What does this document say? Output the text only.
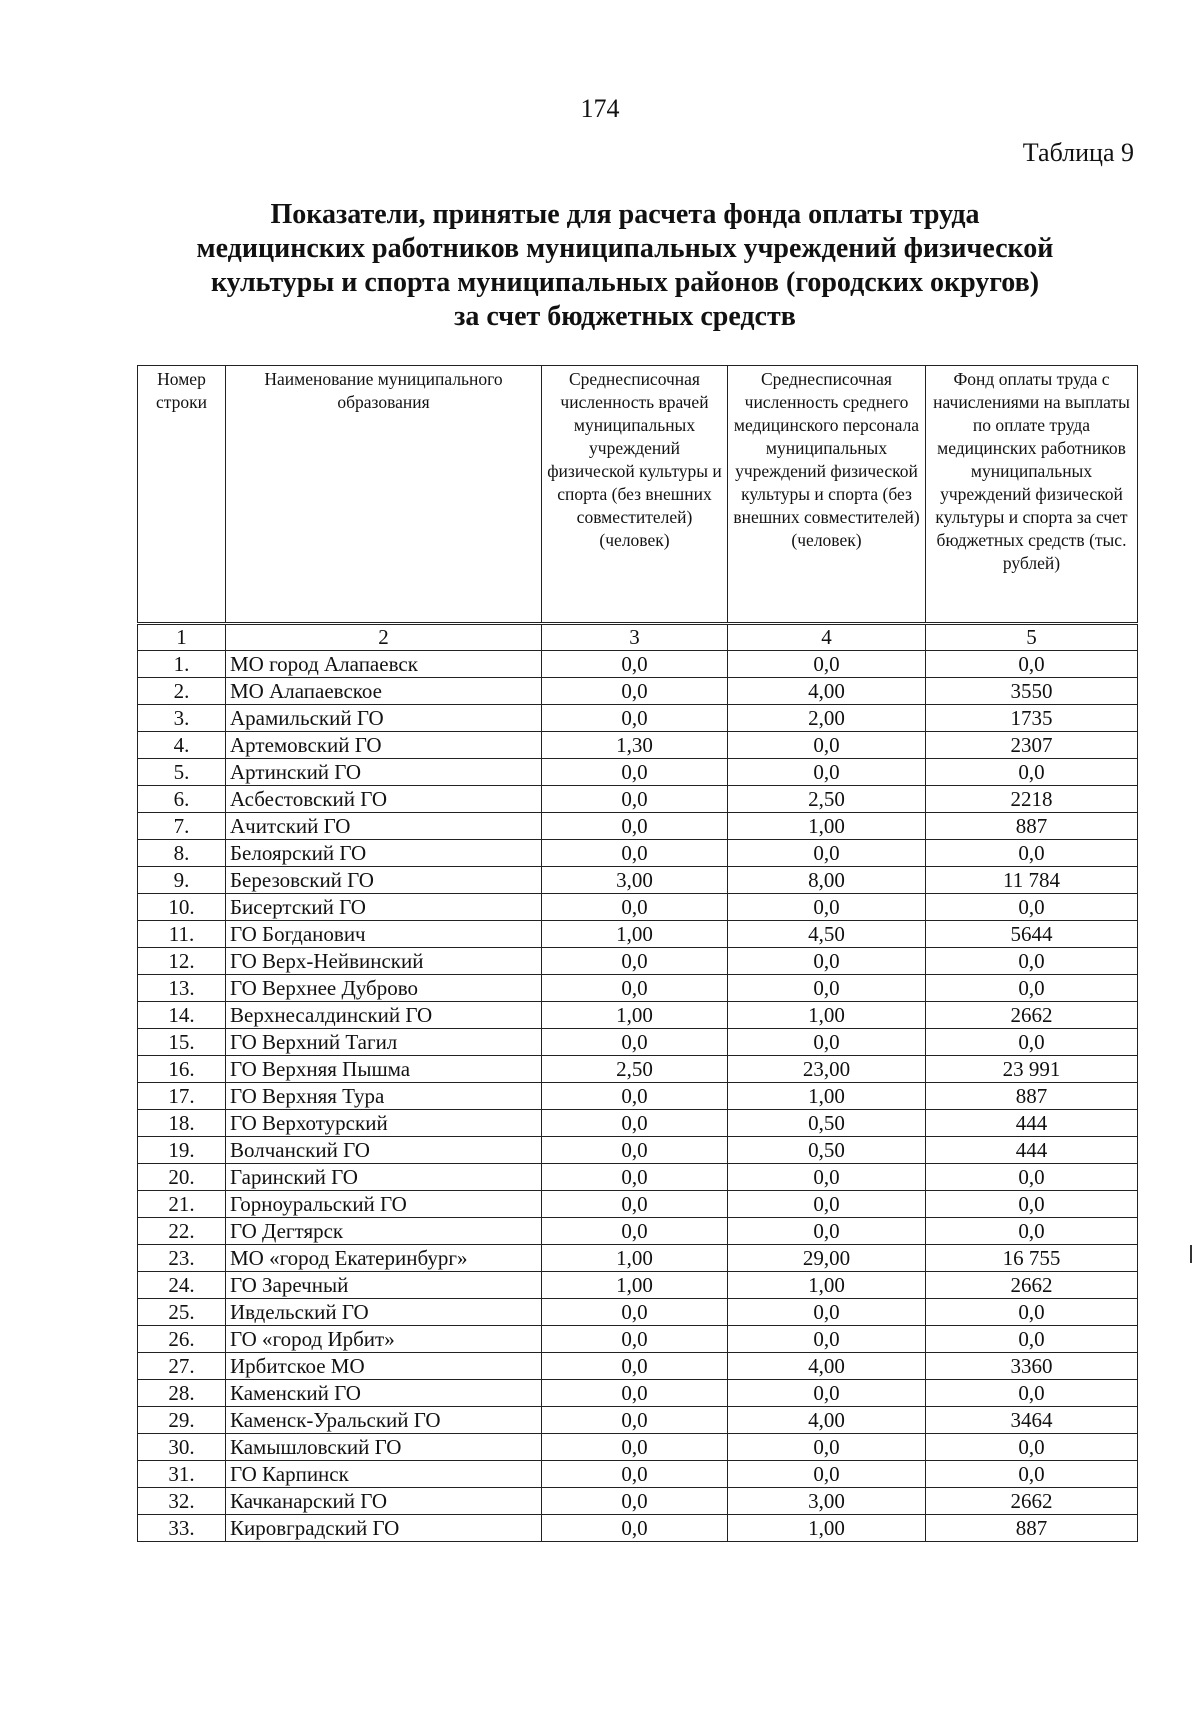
174
Таблица 9
Показатели, принятые для расчета фонда оплаты труда
медицинских работников муниципальных учреждений физической
культуры и спорта муниципальных районов (городских округов)
за счет бюджетных средств
Номер строки	Наименование муниципального образования	Среднесписочная численность врачей муниципальных учреждений физической культуры и спорта (без внешних совместителей) (человек)	Среднесписочная численность среднего медицинского персонала муниципальных учреждений физической культуры и спорта (без внешних совместителей) (человек)	Фонд оплаты труда с начислениями на выплаты по оплате труда медицинских работников муниципальных учреждений физической культуры и спорта за счет бюджетных средств (тыс. рублей)
1	2	3	4	5
1.	МО город Алапаевск	0,0	0,0	0,0
2.	МО Алапаевское	0,0	4,00	3550
3.	Арамильский ГО	0,0	2,00	1735
4.	Артемовский ГО	1,30	0,0	2307
5.	Артинский ГО	0,0	0,0	0,0
6.	Асбестовский ГО	0,0	2,50	2218
7.	Ачитский ГО	0,0	1,00	887
8.	Белоярский ГО	0,0	0,0	0,0
9.	Березовский ГО	3,00	8,00	11 784
10.	Бисертский ГО	0,0	0,0	0,0
11.	ГО Богданович	1,00	4,50	5644
12.	ГО Верх-Нейвинский	0,0	0,0	0,0
13.	ГО Верхнее Дуброво	0,0	0,0	0,0
14.	Верхнесалдинский ГО	1,00	1,00	2662
15.	ГО Верхний Тагил	0,0	0,0	0,0
16.	ГО Верхняя Пышма	2,50	23,00	23 991
17.	ГО Верхняя Тура	0,0	1,00	887
18.	ГО Верхотурский	0,0	0,50	444
19.	Волчанский ГО	0,0	0,50	444
20.	Гаринский ГО	0,0	0,0	0,0
21.	Горноуральский ГО	0,0	0,0	0,0
22.	ГО Дегтярск	0,0	0,0	0,0
23.	МО «город Екатеринбург»	1,00	29,00	16 755
24.	ГО Заречный	1,00	1,00	2662
25.	Ивдельский ГО	0,0	0,0	0,0
26.	ГО «город Ирбит»	0,0	0,0	0,0
27.	Ирбитское МО	0,0	4,00	3360
28.	Каменский ГО	0,0	0,0	0,0
29.	Каменск-Уральский ГО	0,0	4,00	3464
30.	Камышловский ГО	0,0	0,0	0,0
31.	ГО Карпинск	0,0	0,0	0,0
32.	Качканарский ГО	0,0	3,00	2662
33.	Кировградский ГО	0,0	1,00	887
